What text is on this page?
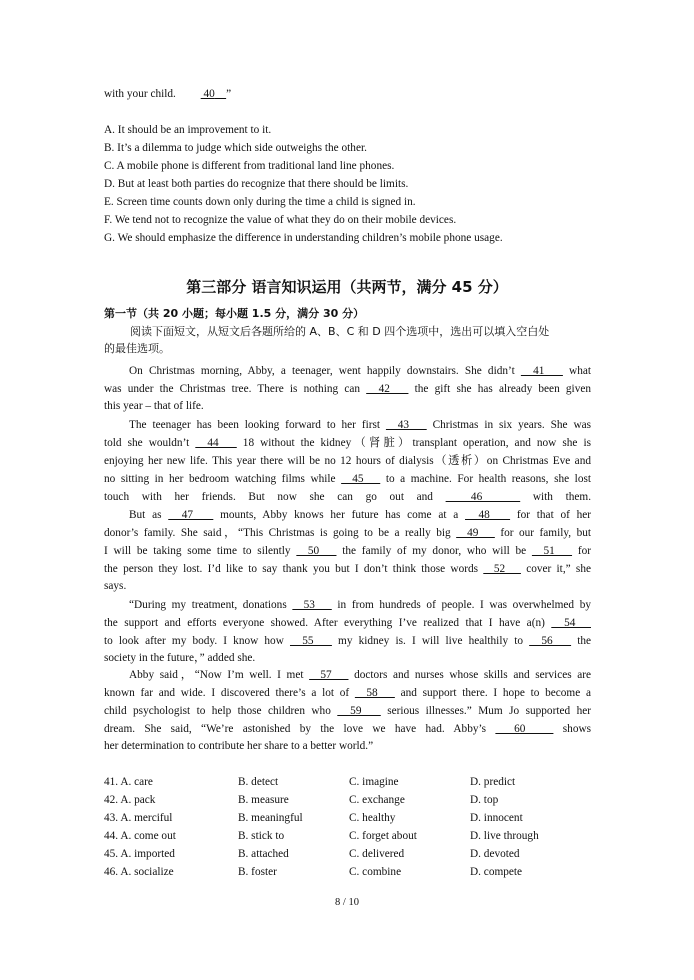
with your child. 40 ”
A. It should be an improvement to it.
B. It’s a dilemma to judge which side outweighs the other.
C. A mobile phone is different from traditional land line phones.
D. But at least both parties do recognize that there should be limits.
E. Screen time counts down only during the time a child is signed in.
F. We tend not to recognize the value of what they do on their mobile devices.
G. We should emphasize the difference in understanding children’s mobile phone usage.
第三部分 语言知识运用（共两节，满分 45 分）
第一节（共 20 小题；每小题 1.5 分，满分 30 分）
阅读下面短文，从短文后各题所给的 A、B、C 和 D 四个选项中，选出可以填入空白处
的最佳选项。
On Christmas morning, Abby, a teenager, went happily downstairs. She didn’t   41    what
was under the Christmas tree. There is nothing can   42    the gift she has already been given
this year – that of life.
The teenager has been looking forward to her first   43    Christmas in six years. She was
told she wouldn’t   44    18 without the kidney（肾脏）transplant operation, and now she is
enjoying her new life. This year there will be no 12 hours of dialysis（透析）on Christmas Eve and
no sitting in her bedroom watching films while   45    to a machine. For health reasons, she lost
touch with her friends. But now she can go out and   46    with them.
But as   47    mounts, Abby knows her future has come at a   48    for that of her
donor’s family. She said，“This Christmas is going to be a really big   49    for our family, but
I will be taking some time to silently   50    the family of my donor, who will be   51    for
the person they lost. I’d like to say thank you but I don’t think those words   52    cover it,” she
says.
“During my treatment, donations   53    in from hundreds of people. I was overwhelmed by
the support and efforts everyone showed. After everything I’ve realized that I have a(n)   54
to look after my body. I know how   55    my kidney is. I will live healthily to   56    the
society in the future，” added she.
Abby said，“Now I’m well. I met   57    doctors and nurses whose skills and services are
known far and wide. I discovered there’s a lot of   58    and support there. I hope to become a
child psychologist to help those children who   59    serious illnesses.” Mum Jo supported her
dream. She said, “We’re astonished by the love we have had. Abby’s   60    shows
her determination to contribute her share to a better world.”
41. A. care	B. detect	C. imagine	D. predict
42. A. pack	B. measure	C. exchange	D. top
43. A. merciful	B. meaningful	C. healthy	D. innocent
44. A. come out	B. stick to	C. forget about	D. live through
45. A. imported	B. attached	C. delivered	D. devoted
46. A. socialize	B. foster	C. combine	D. compete
8 / 10
